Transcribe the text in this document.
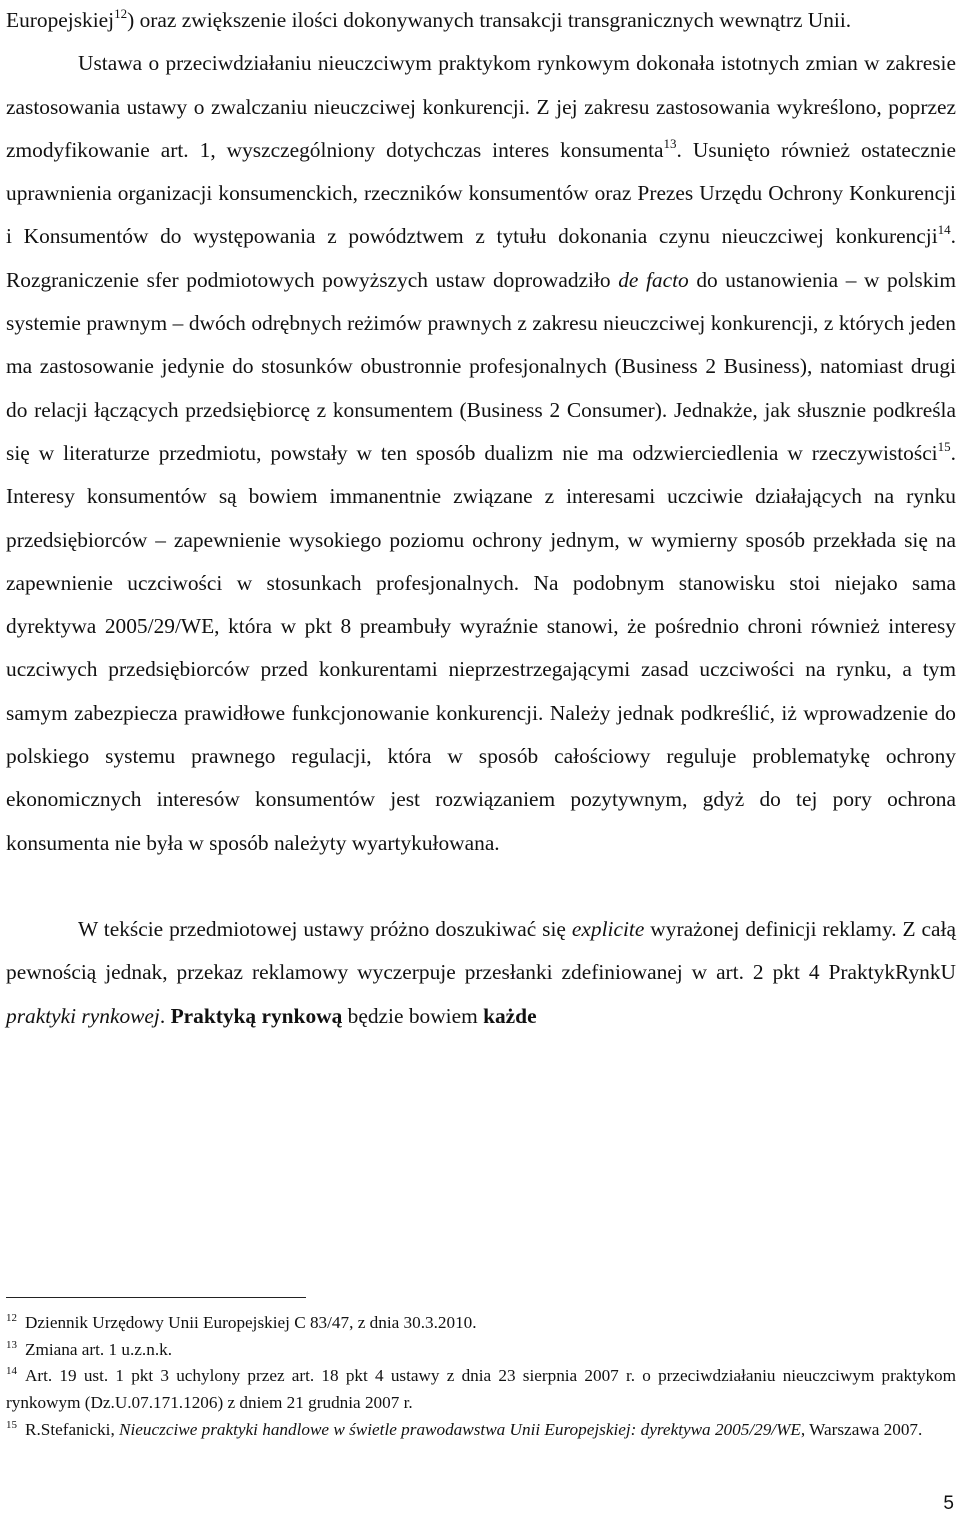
Europejskiej$^{12}$) oraz zwiększenie ilości dokonywanych transakcji transgranicznych wewnątrz Unii.

Ustawa o przeciwdziałaniu nieuczciwym praktykom rynkowym dokonała istotnych zmian w zakresie zastosowania ustawy o zwalczaniu nieuczciwej konkurencji. Z jej zakresu zastosowania wykreślono, poprzez zmodyfikowanie art. 1, wyszczególniony dotychczas interes konsumenta$^{13}$. Usunięto również ostatecznie uprawnienia organizacji konsumenckich, rzeczników konsumentów oraz Prezes Urzędu Ochrony Konkurencji i Konsumentów do występowania z powództwem z tytułu dokonania czynu nieuczciwej konkurencji$^{14}$. Rozgraniczenie sfer podmiotowych powyższych ustaw doprowadziło de facto do ustanowienia – w polskim systemie prawnym – dwóch odrębnych reżimów prawnych z zakresu nieuczciwej konkurencji, z których jeden ma zastosowanie jedynie do stosunków obustronnie profesjonalnych (Business 2 Business), natomiast drugi do relacji łączących przedsiębiorcę z konsumentem (Business 2 Consumer). Jednakże, jak słusznie podkreśla się w literaturze przedmiotu, powstały w ten sposób dualizm nie ma odzwierciedlenia w rzeczywistości$^{15}$. Interesy konsumentów są bowiem immanentnie związane z interesami uczciwie działających na rynku przedsiębiorców – zapewnienie wysokiego poziomu ochrony jednym, w wymierny sposób przekłada się na zapewnienie uczciwości w stosunkach profesjonalnych. Na podobnym stanowisku stoi niejako sama dyrektywa 2005/29/WE, która w pkt 8 preambuły wyraźnie stanowi, że pośrednio chroni również interesy uczciwych przedsiębiorców przed konkurentami nieprzestrzegającymi zasad uczciwości na rynku, a tym samym zabezpiecza prawidłowe funkcjonowanie konkurencji. Należy jednak podkreślić, iż wprowadzenie do polskiego systemu prawnego regulacji, która w sposób całościowy reguluje problematykę ochrony ekonomicznych interesów konsumentów jest rozwiązaniem pozytywnym, gdyż do tej pory ochrona konsumenta nie była w sposób należyty wyartykułowana.

W tekście przedmiotowej ustawy próżno doszukiwać się explicite wyrażonej definicji reklamy. Z całą pewnością jednak, przekaz reklamowy wyczerpuje przesłanki zdefiniowanej w art. 2 pkt 4 PraktykRynkU praktyki rynkowej. Praktyką rynkową będzie bowiem każde

$^{12}$ Dziennik Urzędowy Unii Europejskiej C 83/47, z dnia 30.3.2010.

$^{13}$ Zmiana art. 1 u.z.n.k.

$^{14}$ Art. 19 ust. 1 pkt 3 uchylony przez art. 18 pkt 4 ustawy z dnia 23 sierpnia 2007 r. o przeciwdziałaniu nieuczciwym praktykom rynkowym (Dz.U.07.171.1206) z dniem 21 grudnia 2007 r.

$^{15}$ R.Stefanicki, Nieuczciwe praktyki handlowe w świetle prawodawstwa Unii Europejskiej: dyrektywa 2005/29/WE, Warszawa 2007.

5
